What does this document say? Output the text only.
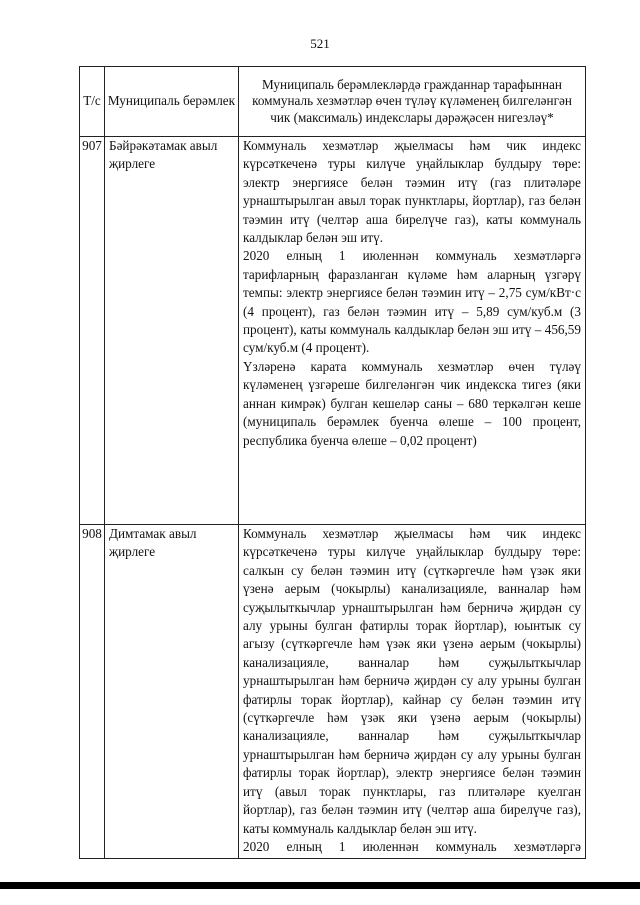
521
Т/с	Муниципаль берәмлек	Муниципаль берәмлекләрдә гражданнар тарафыннан коммуналь хезмәтләр өчен түләү күләменең билгеләнгән чик (максималь) индекслары дәрәҗәсен нигезләү*
907	Бәйрәкәтамак авыл җирлеге	Коммуналь хезмәтләр җыелмасы һәм чик индекс күрсәткеченә туры килүче уңайлыклар булдыру төре: электр энергиясе белән тәэмин итү (газ плитәләре урнаштырылган авыл торак пунктлары, йортлар), газ белән тәэмин итү (челтәр аша бирелүче газ), каты коммуналь калдыклар белән эш итү.

2020 елның 1 июленнән коммуналь хезмәтләргә тарифларның фаразланган күләме һәм аларның үзгәрү темпы: электр энергиясе белән тәэмин итү – 2,75 сум/кВт·с (4 процент), газ белән тәэмин итү – 5,89 сум/куб.м (3 процент), каты коммуналь калдыклар белән эш итү – 456,59 сум/куб.м (4 процент).

Үзләренә карата коммуналь хезмәтләр өчен түләү күләменең үзгәреше билгеләнгән чик индекска тигез (яки аннан кимрәк) булган кешеләр саны – 680 теркәлгән кеше (муниципаль берәмлек буенча өлеше – 100 процент, республика буенча өлеше – 0,02 процент)

908	Димтамак авыл җирлеге	Коммуналь хезмәтләр җыелмасы һәм чик индекс күрсәткеченә туры килүче уңайлыклар булдыру төре: салкын су белән тәэмин итү (сүткәргечле һәм үзәк яки үзенә аерым (чокырлы) канализацияле, ванналар һәм суҗылыткычлар урнаштырылган һәм берничә җирдән су алу урыны булган фатирлы торак йортлар), юынтык су агызу (сүткәргечле һәм үзәк яки үзенә аерым (чокырлы) канализацияле, ванналар һәм суҗылыткычлар урнаштырылган һәм берничә җирдән су алу урыны булган фатирлы торак йортлар), кайнар су белән тәэмин итү (сүткәргечле һәм үзәк яки үзенә аерым (чокырлы) канализацияле, ванналар һәм суҗылыткычлар урнаштырылган һәм берничә җирдән су алу урыны булган фатирлы торак йортлар), электр энергиясе белән тәэмин итү (авыл торак пунктлары, газ плитәләре куелган йортлар), газ белән тәэмин итү (челтәр аша бирелүче газ), каты коммуналь калдыклар белән эш итү.

2020 елның 1 июленнән коммуналь хезмәтләргә
